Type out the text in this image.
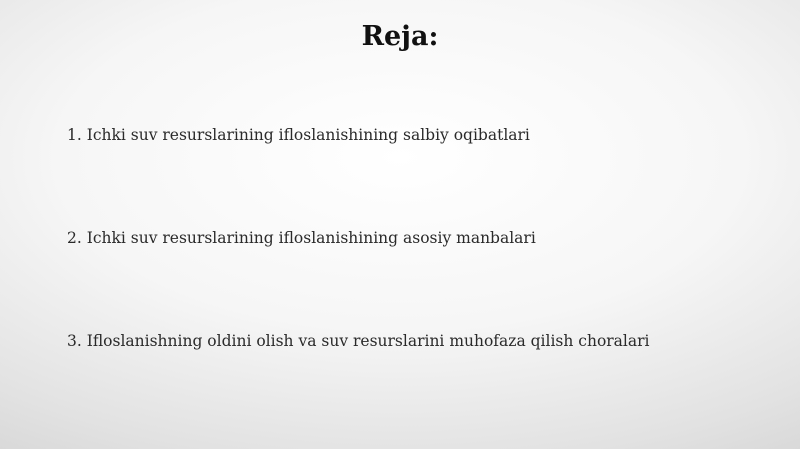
Reja:
1. Ichki suv resurslarining ifloslanishining salbiy oqibatlari
2. Ichki suv resurslarining ifloslanishining asosiy manbalari
3. Ifloslanishning oldini olish va suv resurslarini muhofaza qilish choralari
